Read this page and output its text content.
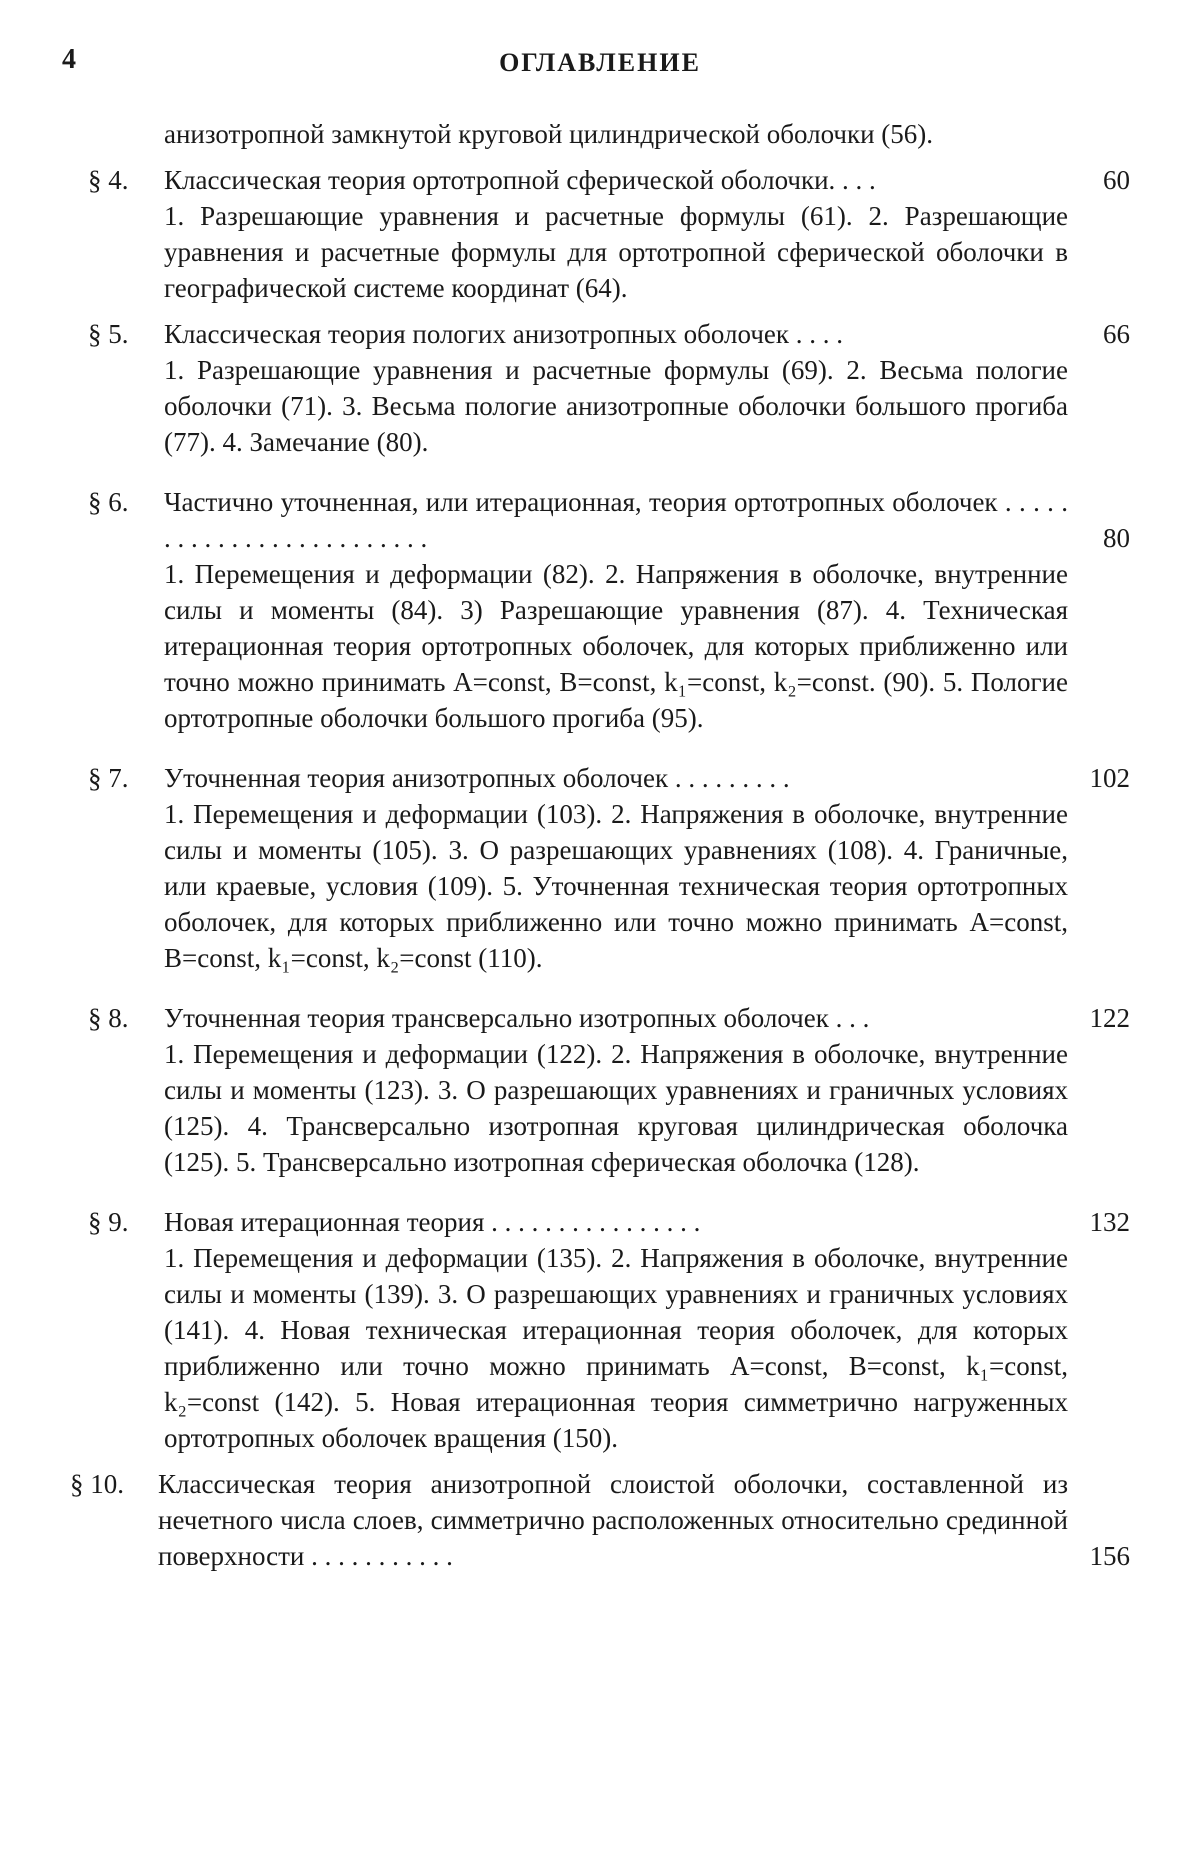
4	ОГЛАВЛЕНИЕ
анизотропной замкнутой круговой цилиндрической оболочки (56).
§ 4.	Классическая теория ортотропной сферической оболочки. . . .	60
1. Разрешающие уравнения и расчетные формулы (61). 2. Разрешающие уравнения и расчетные формулы для ортотропной сферической оболочки в географической системе координат (64).
§ 5.	Классическая теория пологих анизотропных оболочек . . . .	66
1. Разрешающие уравнения и расчетные формулы (69). 2. Весьма пологие оболочки (71). 3. Весьма пологие анизотропные оболочки большого прогиба (77). 4. Замечание (80).
§ 6.	Частично уточненная, или итерационная, теория ортотропных оболочек . . . . . . . . . . . . . . . . . . . . . . . . .	80
1. Перемещения и деформации (82). 2. Напряжения в оболочке, внутренние силы и моменты (84). 3) Разрешающие уравнения (87). 4. Техническая итерационная теория ортотропных оболочек, для которых приближенно или точно можно принимать A=const, B=const, k₁=const, k₂=const. (90). 5. Пологие ортотропные оболочки большого прогиба (95).
§ 7.	Уточненная теория анизотропных оболочек . . . . . . . . .	102
1. Перемещения и деформации (103). 2. Напряжения в оболочке, внутренние силы и моменты (105). 3. О разрешающих уравнениях (108). 4. Граничные, или краевые, условия (109). 5. Уточненная техническая теория ортотропных оболочек, для которых приближенно или точно можно принимать A=const, B=const, k₁=const, k₂=const (110).
§ 8.	Уточненная теория трансверсально изотропных оболочек . . .	122
1. Перемещения и деформации (122). 2. Напряжения в оболочке, внутренние силы и моменты (123). 3. О разрешающих уравнениях и граничных условиях (125). 4. Трансверсально изотропная круговая цилиндрическая оболочка (125). 5. Трансверсально изотропная сферическая оболочка (128).
§ 9.	Новая итерационная теория . . . . . . . . . . . . . . . .	132
1. Перемещения и деформации (135). 2. Напряжения в оболочке, внутренние силы и моменты (139). 3. О разрешающих уравнениях и граничных условиях (141). 4. Новая техническая итерационная теория оболочек, для которых приближенно или точно можно принимать A=const, B=const, k₁=const, k₂=const (142). 5. Новая итерационная теория симметрично нагруженных ортотропных оболочек вращения (150).
§ 10.	Классическая теория анизотропной слоистой оболочки, составленной из нечетного числа слоев, симметрично расположенных относительно срединной поверхности . . . . . . . . . . .	156
